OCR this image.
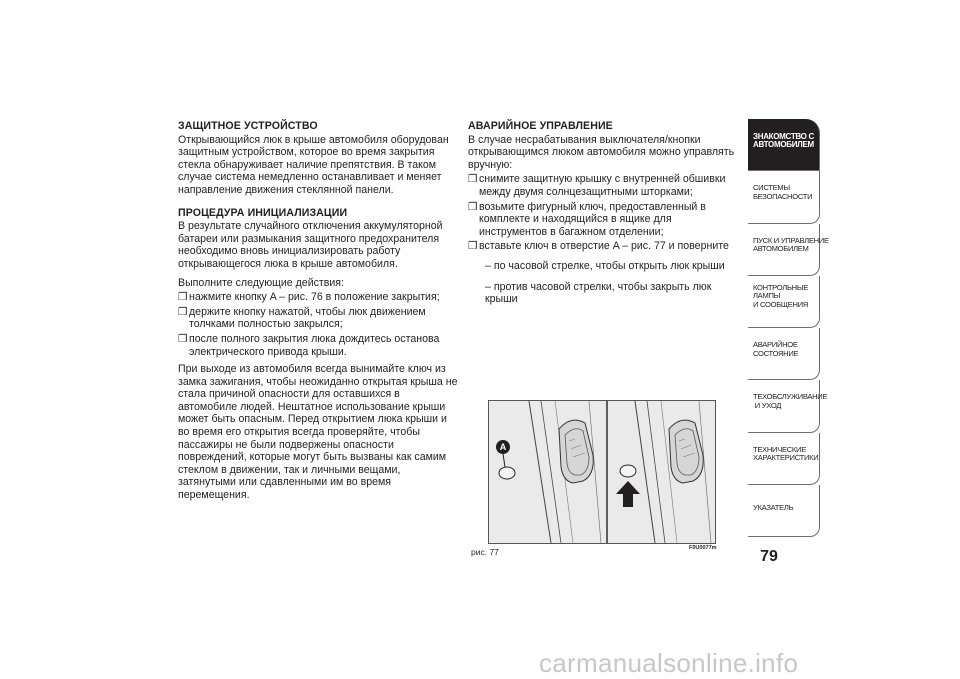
ЗАЩИТНОЕ УСТРОЙСТВО
Открывающийся люк в крыше автомобиля оборудован защитным устройством, которое во время закрытия стекла обнаруживает наличие препятствия. В таком случае система немедленно останавливает и меняет направление движения стеклянной панели.
ПРОЦЕДУРА ИНИЦИАЛИЗАЦИИ
В результате случайного отключения аккумуляторной батареи или размыкания защитного предохранителя необходимо вновь инициализировать работу открывающегося люка в крыше автомобиля.
Выполните следующие действия:
❒ нажмите кнопку A – рис. 76 в положение закрытия;
❒ держите кнопку нажатой, чтобы люк движением толчками полностью закрылся;
❒ после полного закрытия люка дождитесь останова электрического привода крыши.
При выходе из автомобиля всегда вынимайте ключ из замка зажигания, чтобы неожиданно открытая крыша не стала причиной опасности для оставшихся в автомобиле людей. Нештатное использование крыши может быть опасным. Перед открытием люка крыши и во время его открытия всегда проверяйте, чтобы пассажиры не были подвержены опасности повреждений, которые могут быть вызваны как самим стеклом в движении, так и личными вещами, затянутыми или сдавленными им во время перемещения.
АВАРИЙНОЕ УПРАВЛЕНИЕ
В случае несрабатывания выключателя/кнопки открывающимся люком автомобиля можно управлять вручную:
❒ снимите защитную крышку с внутренней обшивки между двумя солнцезащитными шторками;
❒ возьмите фигурный ключ, предоставленный в комплекте и находящийся в ящике для инструментов в багажном отделении;
❒ вставьте ключ в отверстие A – рис. 77 и поверните
– по часовой стрелке, чтобы открыть люк крыши
– против часовой стрелки, чтобы закрыть люк крыши
A
рис. 77	F0U0077m
ЗНАКОМСТВО С
АВТОМОБИЛЕМ
СИСТЕМЫ
БЕЗОПАСНОСТИ
ПУСК И УПРАВЛЕНИЕ
АВТОМОБИЛЕМ
КОНТРОЛЬНЫЕ
ЛАМПЫ
И СООБЩЕНИЯ
АВАРИЙНОЕ
СОСТОЯНИЕ
ТЕХОБСЛУЖИВАНИЕ
И УХОД
ТЕХНИЧЕСКИЕ
ХАРАКТЕРИСТИКИ
УКАЗАТЕЛЬ
79
carmanualsonline.info
